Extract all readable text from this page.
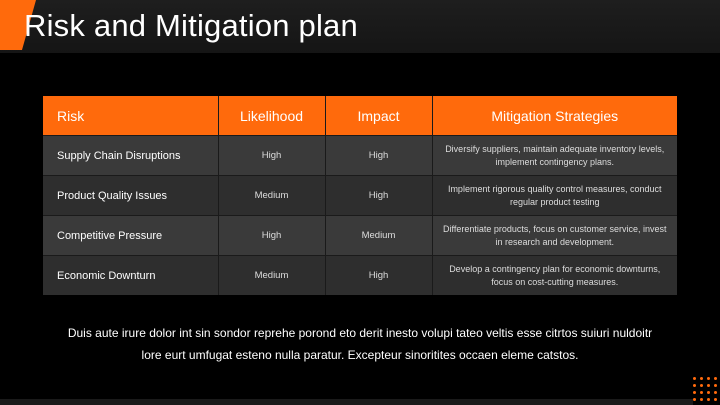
Risk and Mitigation plan
Risk	Likelihood	Impact	Mitigation Strategies
Supply Chain Disruptions	High	High	Diversify suppliers, maintain adequate inventory levels, implement contingency plans.
Product Quality Issues	Medium	High	Implement rigorous quality control measures, conduct regular product testing
Competitive Pressure	High	Medium	Differentiate products, focus on customer service, invest in research and development.
Economic Downturn	Medium	High	Develop a contingency plan for economic downturns, focus on cost-cutting measures.

Duis aute irure dolor int sin sondor reprehe porond eto derit inesto volupi tateo veltis esse citrtos suiuri nuldoitr lore eurt umfugat esteno nulla paratur. Excepteur sinoritites occaen eleme catstos.
